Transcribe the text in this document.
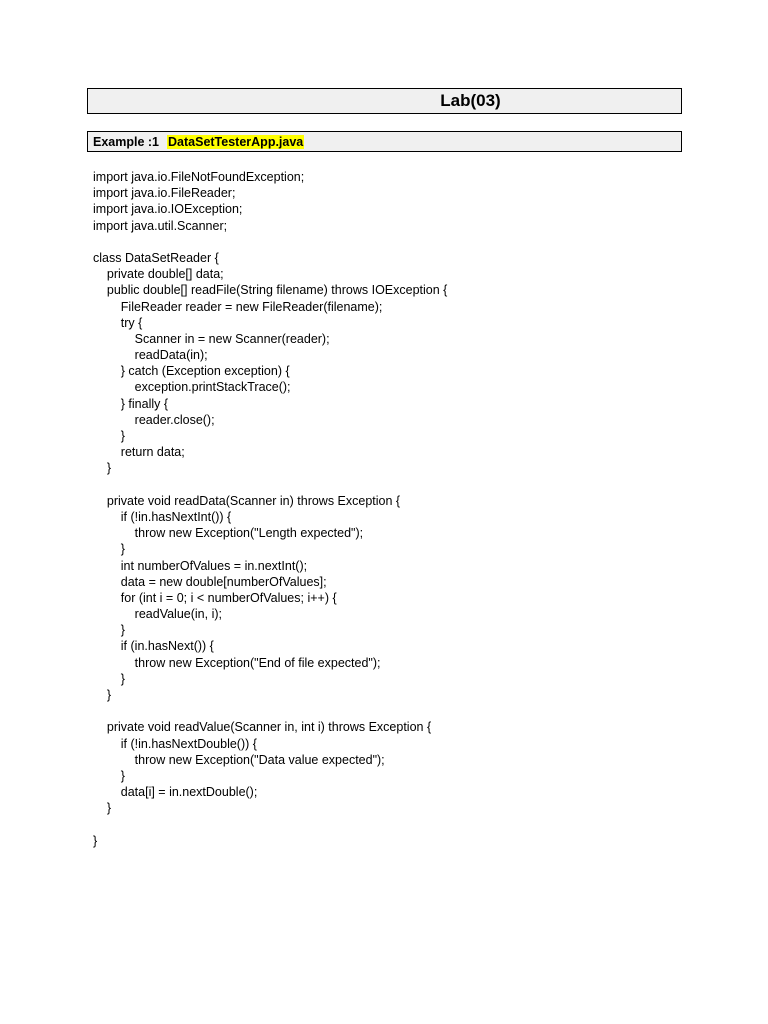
Lab(03)
Example :1 DataSetTesterApp.java
import java.io.FileNotFoundException;
import java.io.FileReader;
import java.io.IOException;
import java.util.Scanner;
class DataSetReader {
private double[] data;
public double[] readFile(String filename) throws IOException {
FileReader reader = new FileReader(filename);
try {
Scanner in = new Scanner(reader);
readData(in);
} catch (Exception exception) {
exception.printStackTrace();
} finally {
reader.close();
}
return data;
}
private void readData(Scanner in) throws Exception {
if (!in.hasNextInt()) {
throw new Exception("Length expected");
}
int numberOfValues = in.nextInt();
data = new double[numberOfValues];
for (int i = 0; i < numberOfValues; i++) {
readValue(in, i);
}
if (in.hasNext()) {
throw new Exception("End of file expected");
}
}
private void readValue(Scanner in, int i) throws Exception {
if (!in.hasNextDouble()) {
throw new Exception("Data value expected");
}
data[i] = in.nextDouble();
}
}
